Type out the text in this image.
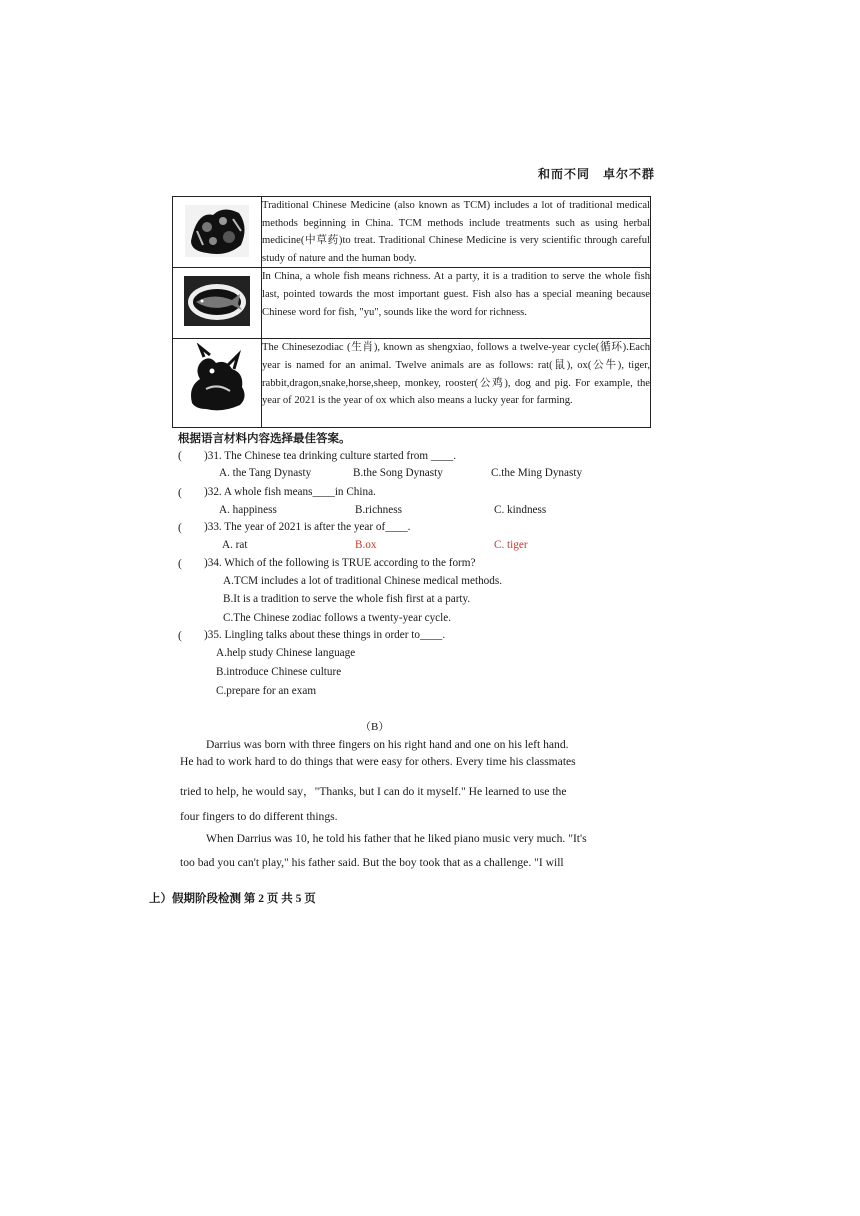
和而不同　卓尔不群
	Traditional Chinese Medicine (also known as TCM) includes a lot of traditional medical methods beginning in China. TCM methods include treatments such as using herbal medicine(中草药)to treat. Traditional Chinese Medicine is very scientific through careful study of nature and the human body.

	In China, a whole fish means richness. At a party, it is a tradition to serve the whole fish last, pointed towards the most important guest. Fish also has a special meaning because Chinese word for fish, "yu", sounds like the word for richness.

	The Chinesezodiac (生肖), known as shengxiao, follows a twelve-year cycle(循环).Each year is named for an animal. Twelve animals are as follows: rat(鼠), ox(公牛), tiger, rabbit,dragon,snake,horse,sheep, monkey, rooster(公鸡), dog and pig. For example, the year of 2021 is the year of ox which also means a lucky year for farming.
根据语言材料内容选择最佳答案。
( )31. The Chinese tea drinking culture started from ____.
A. the Tang Dynasty	B.the Song Dynasty	C.the Ming Dynasty
( )32. A whole fish means____in China.
A. happiness	B.richness	C. kindness
( )33. The year of 2021 is after the year of____.
A. rat	B.ox	C. tiger
( )34. Which of the following is TRUE according to the form?
A.TCM includes a lot of traditional Chinese medical methods.
B.It is a tradition to serve the whole fish first at a party.
C.The Chinese zodiac follows a twenty-year cycle.
( )35. Lingling talks about these things in order to____.
A.help study Chinese language
B.introduce Chinese culture
C.prepare for an exam
（B）
Darrius was born with three fingers on his right hand and one on his left hand.
He had to work hard to do things that were easy for others. Every time his classmates
tried to help, he would say，"Thanks, but I can do it myself." He learned to use the
four fingers to do different things.
When Darrius was 10, he told his father that he liked piano music very much. "It's
too bad you can't play," his father said. But the boy took that as a challenge. "I will
上）假期阶段检测 第 2 页 共 5 页
